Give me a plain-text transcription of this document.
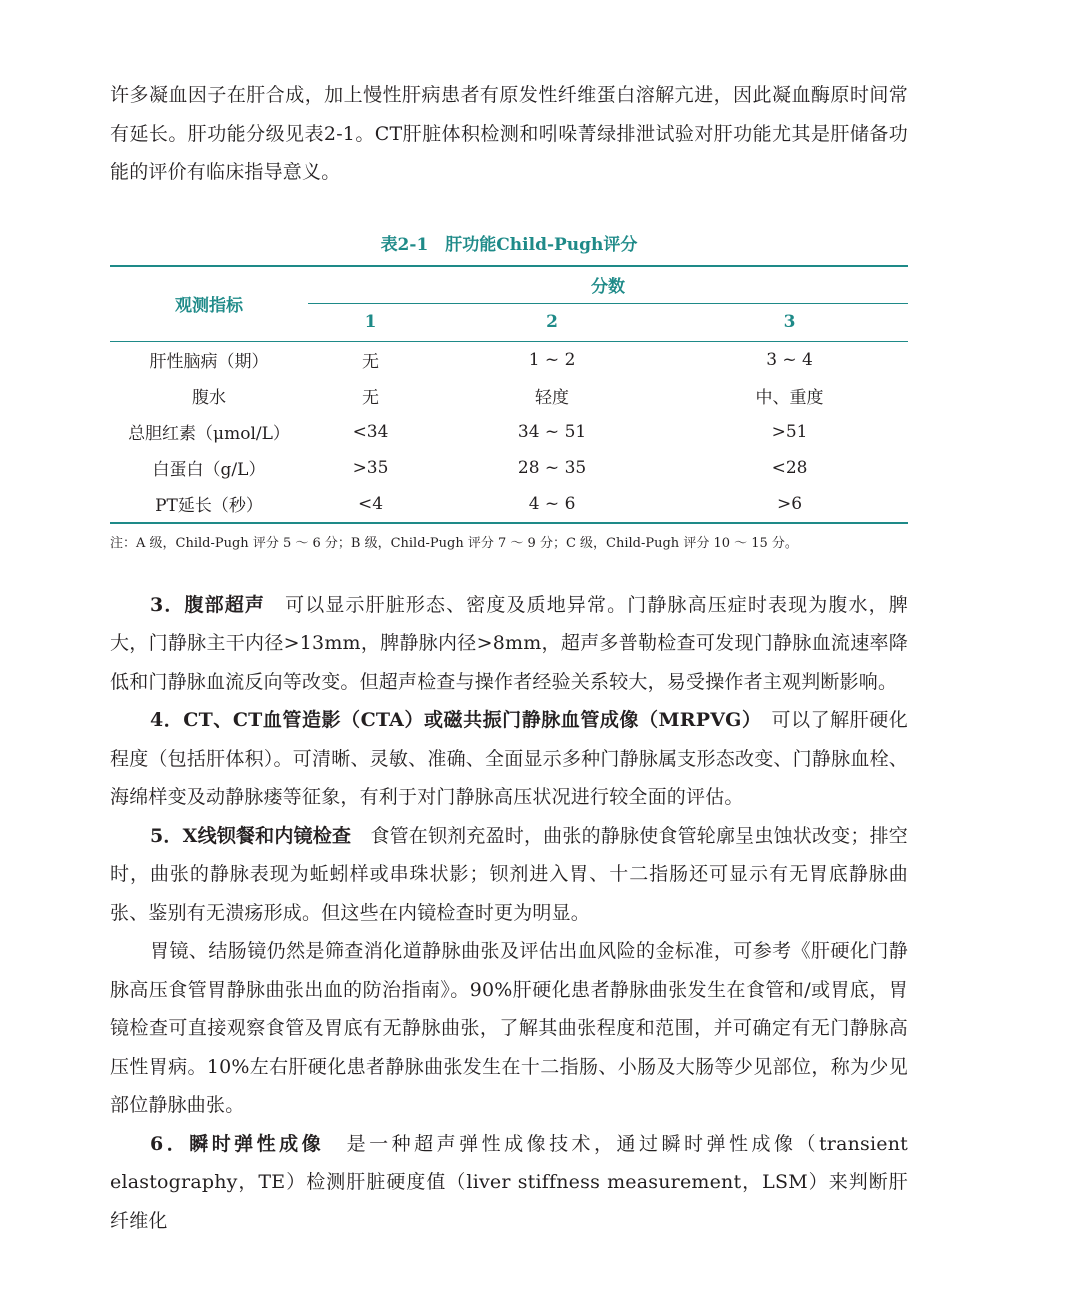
许多凝血因子在肝合成，加上慢性肝病患者有原发性纤维蛋白溶解亢进，因此凝血酶原时间常有延长。肝功能分级见表2-1。CT肝脏体积检测和吲哚菁绿排泄试验对肝功能尤其是肝储备功能的评价有临床指导意义。

表2-1　肝功能Child-Pugh评分
观测指标	分数		
	1	2	3
肝性脑病（期）	无	1 ~ 2	3 ~ 4
腹水	无	轻度	中、重度
总胆红素（μmol/L）	<34	34 ~ 51	>51
白蛋白（g/L）	>35	28 ~ 35	<28
PT延长（秒）	<4	4 ~ 6	>6
注：A 级，Child-Pugh 评分 5 ～ 6 分；B 级，Child-Pugh 评分 7 ～ 9 分；C 级，Child-Pugh 评分 10 ～ 15 分。

3．腹部超声　可以显示肝脏形态、密度及质地异常。门静脉高压症时表现为腹水，脾大，门静脉主干内径>13mm，脾静脉内径>8mm，超声多普勒检查可发现门静脉血流速率降低和门静脉血流反向等改变。但超声检查与操作者经验关系较大，易受操作者主观判断影响。

4．CT、CT血管造影（CTA）或磁共振门静脉血管成像（MRPVG）　可以了解肝硬化程度（包括肝体积）。可清晰、灵敏、准确、全面显示多种门静脉属支形态改变、门静脉血栓、海绵样变及动静脉瘘等征象，有利于对门静脉高压状况进行较全面的评估。

5．X线钡餐和内镜检查　食管在钡剂充盈时，曲张的静脉使食管轮廓呈虫蚀状改变；排空时，曲张的静脉表现为蚯蚓样或串珠状影；钡剂进入胃、十二指肠还可显示有无胃底静脉曲张、鉴别有无溃疡形成。但这些在内镜检查时更为明显。

胃镜、结肠镜仍然是筛查消化道静脉曲张及评估出血风险的金标准，可参考《肝硬化门静脉高压食管胃静脉曲张出血的防治指南》。90%肝硬化患者静脉曲张发生在食管和/或胃底，胃镜检查可直接观察食管及胃底有无静脉曲张，了解其曲张程度和范围，并可确定有无门静脉高压性胃病。10%左右肝硬化患者静脉曲张发生在十二指肠、小肠及大肠等少见部位，称为少见部位静脉曲张。

6．瞬时弹性成像　是一种超声弹性成像技术，通过瞬时弹性成像（transient elastography，TE）检测肝脏硬度值（liver stiffness measurement，LSM）来判断肝纤维化
